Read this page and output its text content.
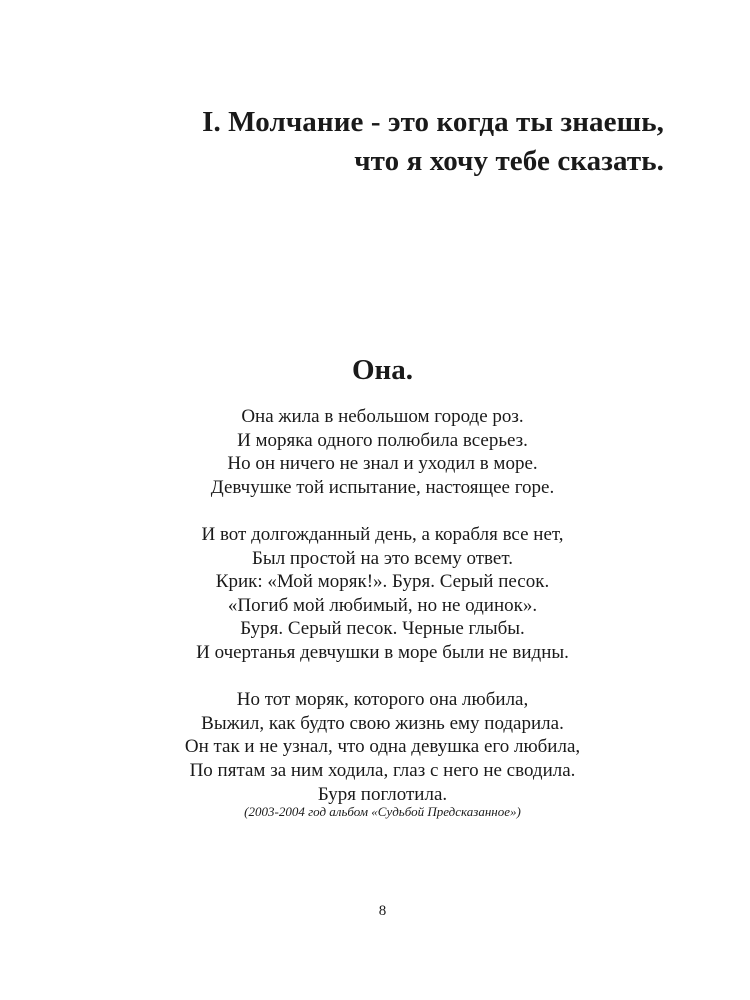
I. Молчание - это когда ты знаешь,
что я хочу тебе сказать.
Она.

Она жила в небольшом городе роз.
И моряка одного полюбила всерьез.
Но он ничего не знал и уходил в море.
Девчушке той испытание, настоящее горе.

И вот долгожданный день, а корабля все нет,
Был простой на это всему ответ.
Крик: «Мой моряк!». Буря. Серый песок.
«Погиб мой любимый, но не одинок».
Буря. Серый песок. Черные глыбы.
И очертанья девчушки в море были не видны.

Но тот моряк, которого она любила,
Выжил, как будто свою жизнь ему подарила.
Он так и не узнал, что одна девушка его любила,
По пятам за ним ходила, глаз с него не сводила.
Буря поглотила.

(2003-2004 год альбом «Судьбой Предсказанное»)
8
